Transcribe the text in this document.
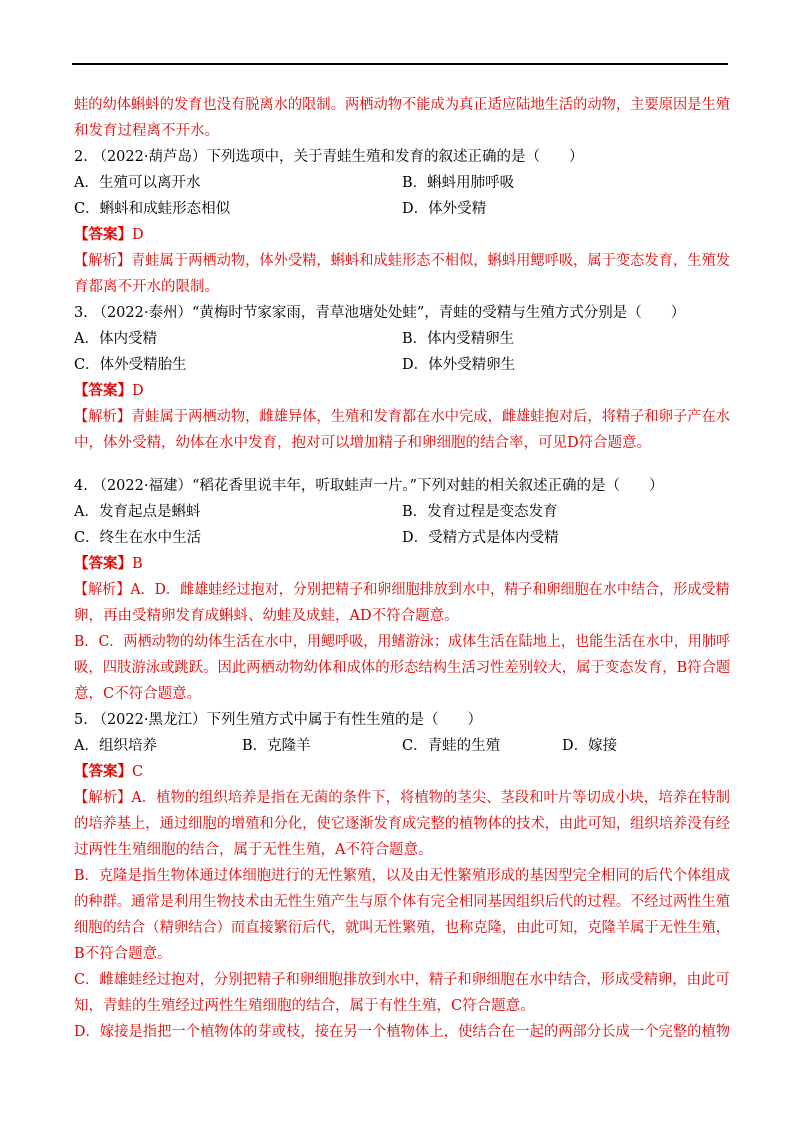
蛙的幼体蝌蚪的发育也没有脱离水的限制。两栖动物不能成为真正适应陆地生活的动物，主要原因是生殖
和发育过程离不开水。
2. （2022·葫芦岛）下列选项中，关于青蛙生殖和发育的叙述正确的是（　　）
A．生殖可以离开水	B．蝌蚪用肺呼吸
C．蝌蚪和成蛙形态相似	D．体外受精
【答案】D
【解析】青蛙属于两栖动物，体外受精，蝌蚪和成蛙形态不相似，蝌蚪用鳃呼吸，属于变态发育，生殖发
育都离不开水的限制。
3. （2022·泰州）“黄梅时节家家雨，青草池塘处处蛙”，青蛙的受精与生殖方式分别是（　　）
A．体内受精	B．体内受精卵生
C．体外受精胎生	D．体外受精卵生
【答案】D
【解析】青蛙属于两栖动物，雌雄异体，生殖和发育都在水中完成，雌雄蛙抱对后，将精子和卵子产在水
中，体外受精，幼体在水中发育，抱对可以增加精子和卵细胞的结合率，可见D符合题意。
4. （2022·福建）“稻花香里说丰年，听取蛙声一片。”下列对蛙的相关叙述正确的是（　　）
A．发育起点是蝌蚪	B．发育过程是变态发育
C．终生在水中生活	D．受精方式是体内受精
【答案】B
【解析】A．D．雌雄蛙经过抱对，分别把精子和卵细胞排放到水中，精子和卵细胞在水中结合，形成受精
卵，再由受精卵发育成蝌蚪、幼蛙及成蛙，AD不符合题意。
B．C．两栖动物的幼体生活在水中，用鳃呼吸，用鳍游泳；成体生活在陆地上，也能生活在水中，用肺呼
吸，四肢游泳或跳跃。因此两栖动物幼体和成体的形态结构生活习性差别较大，属于变态发育，B符合题
意，C不符合题意。
5. （2022·黑龙江）下列生殖方式中属于有性生殖的是（　　）
A．组织培养	B．克隆羊	C．青蛙的生殖	D．嫁接
【答案】C
【解析】A．植物的组织培养是指在无菌的条件下，将植物的茎尖、茎段和叶片等切成小块，培养在特制
的培养基上，通过细胞的增殖和分化，使它逐渐发育成完整的植物体的技术，由此可知，组织培养没有经
过两性生殖细胞的结合，属于无性生殖，A不符合题意。
B．克隆是指生物体通过体细胞进行的无性繁殖，以及由无性繁殖形成的基因型完全相同的后代个体组成
的种群。通常是利用生物技术由无性生殖产生与原个体有完全相同基因组织后代的过程。不经过两性生殖
细胞的结合（精卵结合）而直接繁衍后代，就叫无性繁殖，也称克隆，由此可知，克隆羊属于无性生殖，
B不符合题意。
C．雌雄蛙经过抱对，分别把精子和卵细胞排放到水中，精子和卵细胞在水中结合，形成受精卵，由此可
知，青蛙的生殖经过两性生殖细胞的结合，属于有性生殖，C符合题意。
D．嫁接是指把一个植物体的芽或枝，接在另一个植物体上，使结合在一起的两部分长成一个完整的植物
